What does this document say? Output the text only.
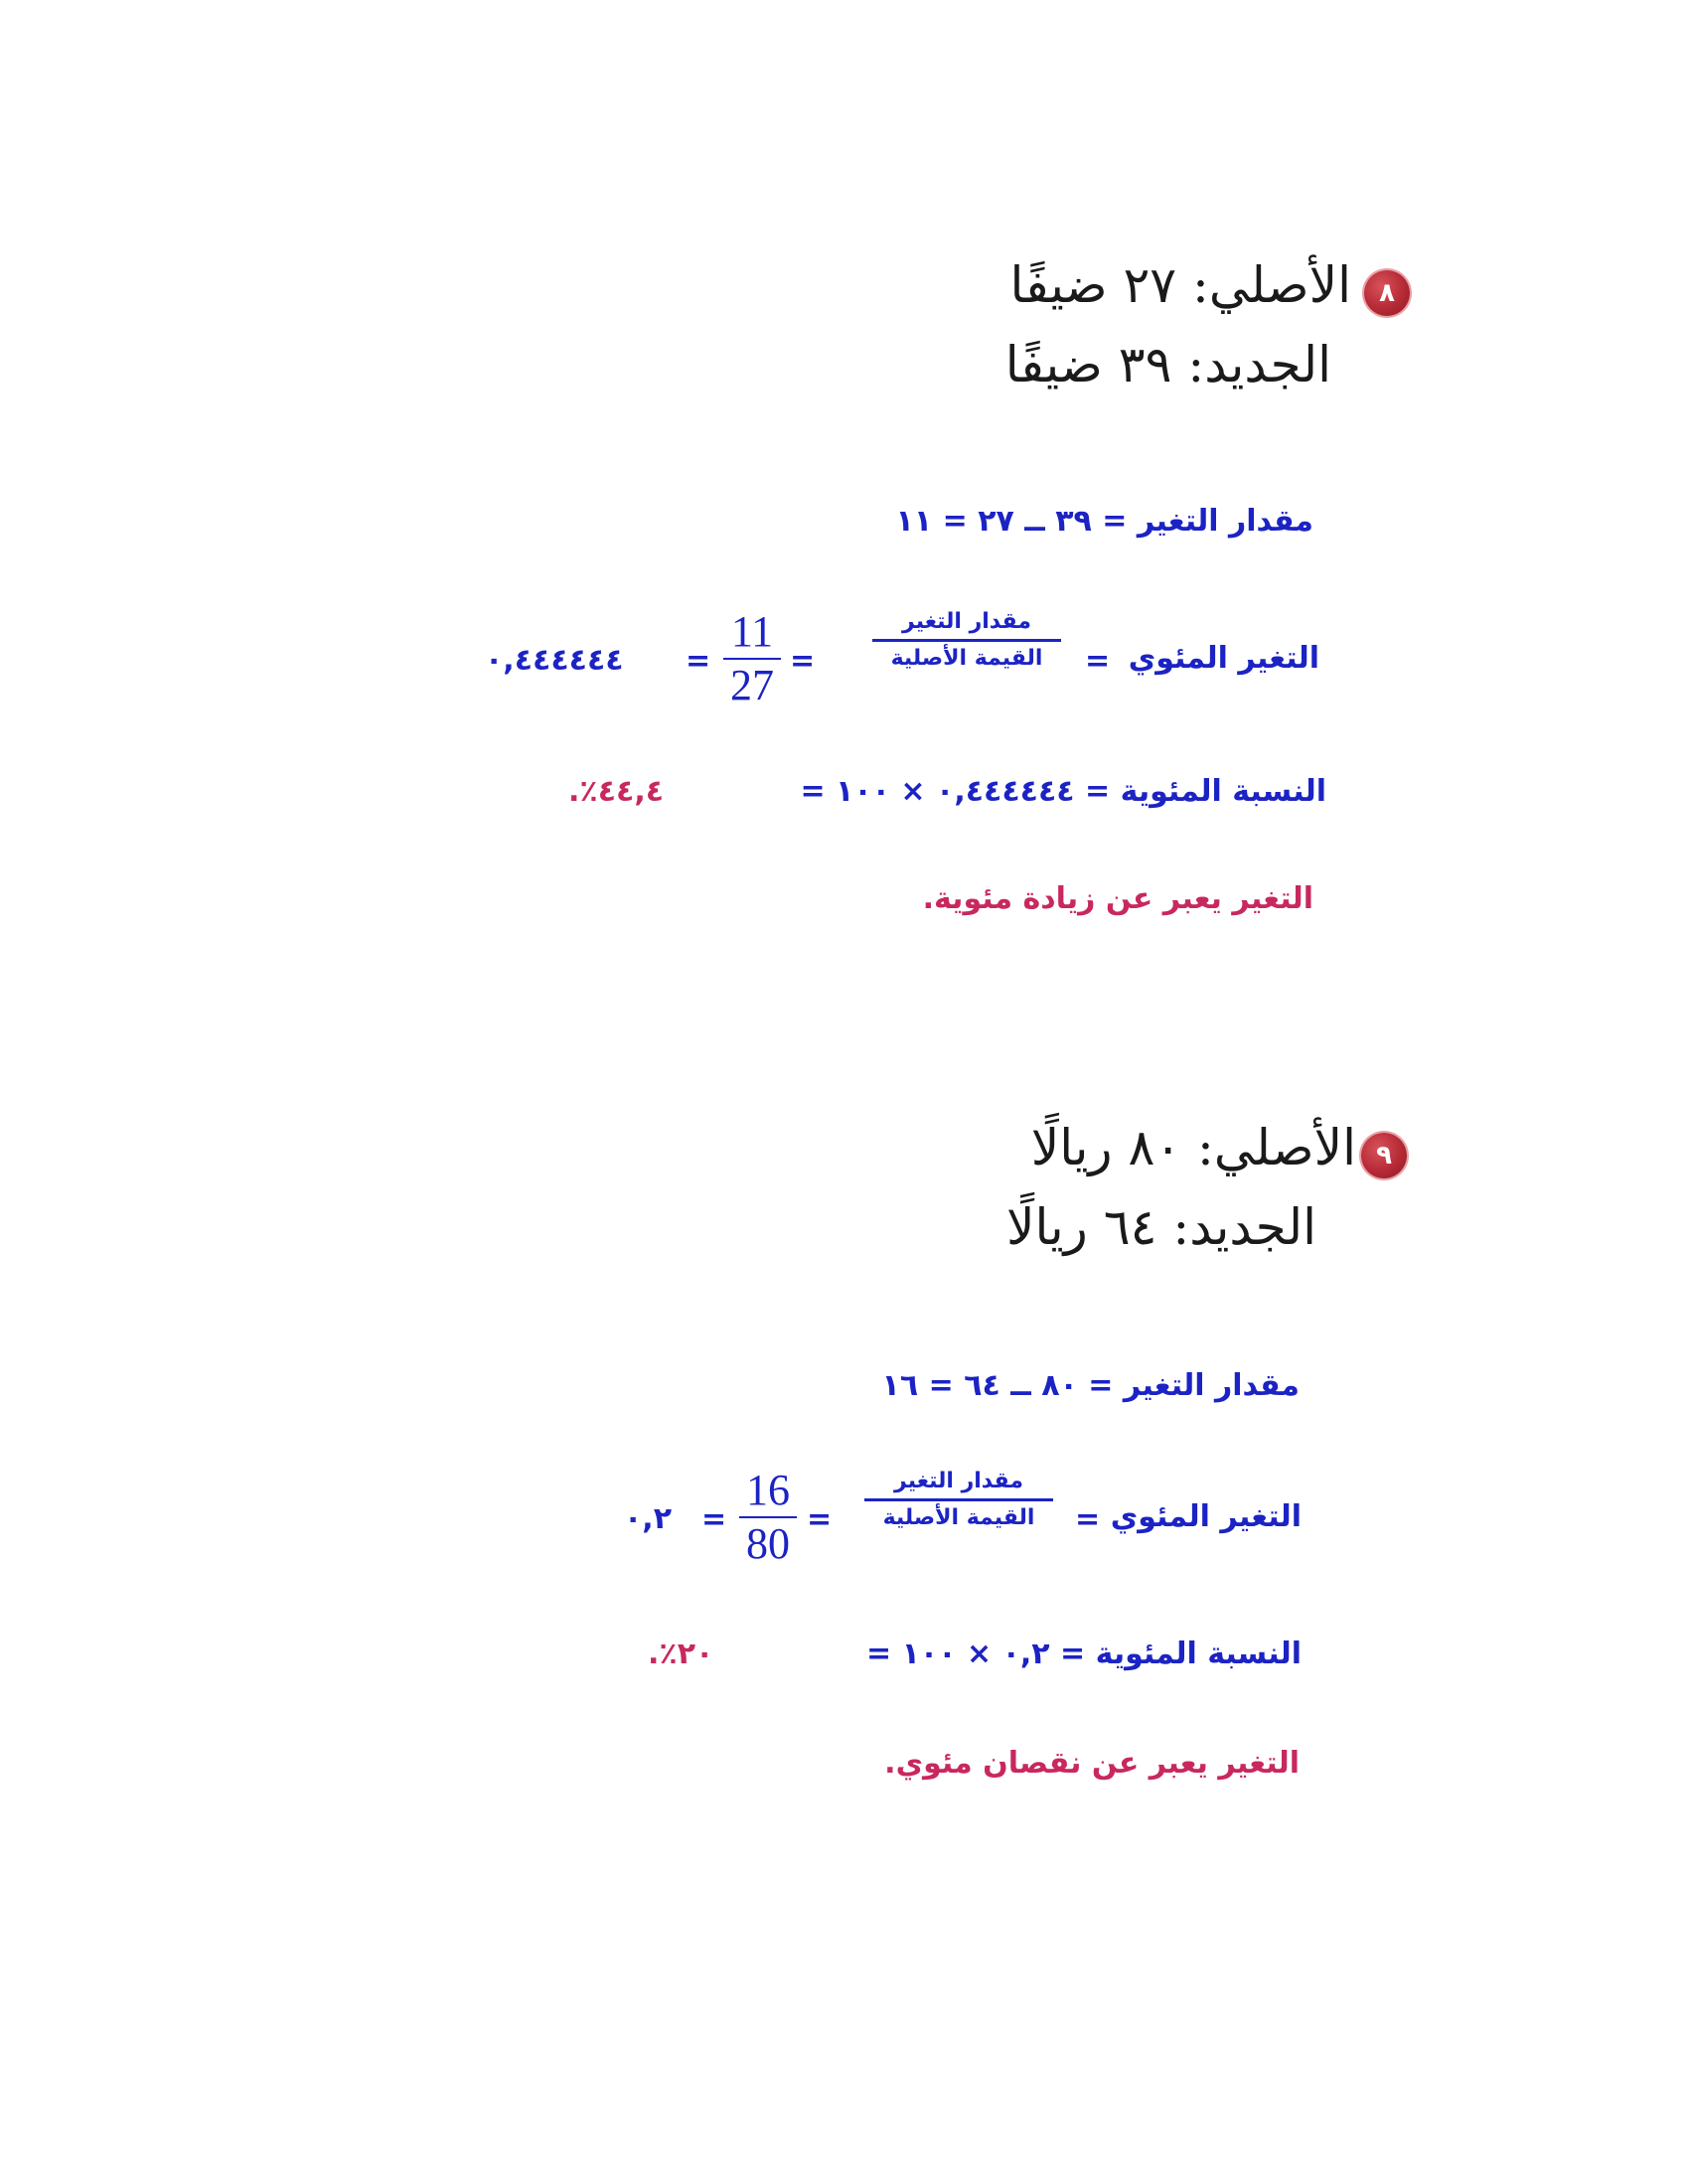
٨
الأصلي: ٢٧ ضيفًا
الجديد: ٣٩ ضيفًا
مقدار التغير = ٣٩ ــ ٢٧ = ١١
التغير المئوي
=
مقدار التغير
القيمة الأصلية
=
11
27
=
٠,٤٤٤٤٤٤
النسبة المئوية = ٠,٤٤٤٤٤٤ × ١٠٠ =
٤٤,٤٪.
التغير يعبر عن زيادة مئوية.
٩
الأصلي: ٨٠ ريالًا
الجديد: ٦٤ ريالًا
مقدار التغير = ٨٠ ــ ٦٤ = ١٦
التغير المئوي
=
مقدار التغير
القيمة الأصلية
=
16
80
=
٠,٢
النسبة المئوية = ٠,٢ × ١٠٠ =
٢٠٪.
التغير يعبر عن نقصان مئوي.
